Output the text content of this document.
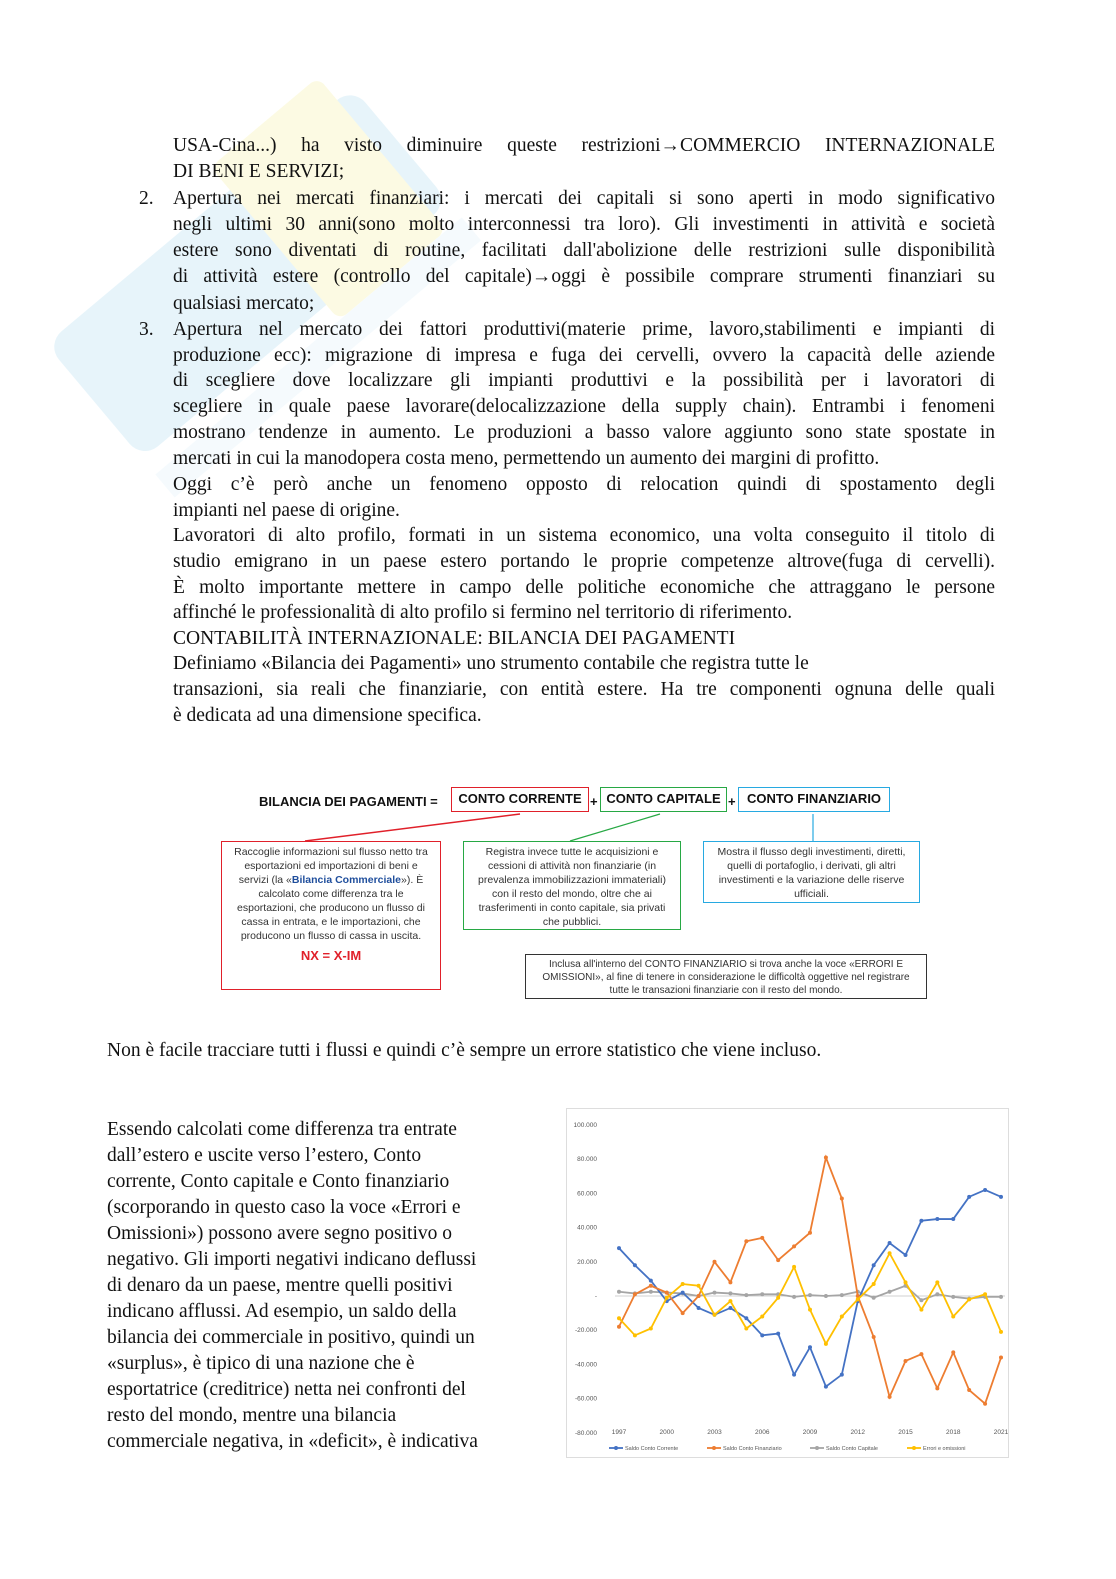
USA-Cina...) ha visto diminuire queste restrizioni→COMMERCIO INTERNAZIONALE
DI BENI E SERVIZI;
2. Apertura nei mercati finanziari: i mercati dei capitali si sono aperti in modo significativo
negli ultimi 30 anni(sono molto interconnessi tra loro). Gli investimenti in attività e società
estere sono diventati di routine, facilitati dall'abolizione delle restrizioni sulle disponibilità
di attività estere (controllo del capitale)→oggi è possibile comprare strumenti finanziari su
qualsiasi mercato;
3. Apertura nel mercato dei fattori produttivi(materie prime, lavoro,stabilimenti e impianti di
produzione ecc): migrazione di impresa e fuga dei cervelli, ovvero la capacità delle aziende
di scegliere dove localizzare gli impianti produttivi e la possibilità per i lavoratori di
scegliere in quale paese lavorare(delocalizzazione della supply chain). Entrambi i fenomeni
mostrano tendenze in aumento. Le produzioni a basso valore aggiunto sono state spostate in
mercati in cui la manodopera costa meno, permettendo un aumento dei margini di profitto.
Oggi c’è però anche un fenomeno opposto di relocation quindi di spostamento degli
impianti nel paese di origine.
Lavoratori di alto profilo, formati in un sistema economico, una volta conseguito il titolo di
studio emigrano in un paese estero portando le proprie competenze altrove(fuga di cervelli).
È molto importante mettere in campo delle politiche economiche che attraggano le persone
affinché le professionalità di alto profilo si fermino nel territorio di riferimento.
CONTABILITÀ INTERNAZIONALE: BILANCIA DEI PAGAMENTI
Definiamo «Bilancia dei Pagamenti» uno strumento contabile che registra tutte le
transazioni, sia reali che finanziarie, con entità estere. Ha tre componenti ognuna delle quali
è dedicata ad una dimensione specifica.
Essendo calcolati come differenza tra entrate
dall’estero e uscite verso l’estero, Conto
corrente, Conto capitale e Conto finanziario
(scorporando in questo caso la voce «Errori e
Omissioni») possono avere segno positivo o
negativo. Gli importi negativi indicano deflussi
di denaro da un paese, mentre quelli positivi
indicano afflussi. Ad esempio, un saldo della
bilancia dei commerciale in positivo, quindi un
«surplus», è tipico di una nazione che è
esportatrice (creditrice) netta nei confronti del
resto del mondo, mentre una bilancia
commerciale negativa, in «deficit», è indicativa
BILANCIA DEI PAGAMENTI =	CONTO CORRENTE + CONTO CAPITALE + CONTO FINANZIARIO
Raccoglie informazioni sul flusso netto tra esportazioni ed importazioni di beni e servizi (la «Bilancia Commerciale»). È calcolato come differenza tra le esportazioni, che producono un flusso di cassa in entrata, e le importazioni, che producono un flusso di cassa in uscita.
NX = X-IM
Registra invece tutte le acquisizioni e cessioni di attività non finanziarie (in prevalenza immobilizzazioni immateriali) con il resto del mondo, oltre che ai trasferimenti in conto capitale, sia privati che pubblici.
Mostra il flusso degli investimenti, diretti, quelli di portafoglio, i derivati, gli altri investimenti e la variazione delle riserve ufficiali.
Inclusa all'interno del CONTO FINANZIARIO si trova anche la voce «ERRORI E OMISSIONI», al fine di tenere in considerazione le difficoltà oggettive nel registrare tutte le transazioni finanziarie con il resto del mondo.
Non è facile tracciare tutti i flussi e quindi c’è sempre un errore statistico che viene incluso.
100.000
80.000
60.000
40.000
20.000
-
-20.000
-40.000
-60.000
-80.000 1997	2000	2003	2006	2009	2012	2015	2018	2021
Saldo Conto Corrente	Saldo Conto Finanziario	Saldo Conto Capitale	Errori e omissioni
